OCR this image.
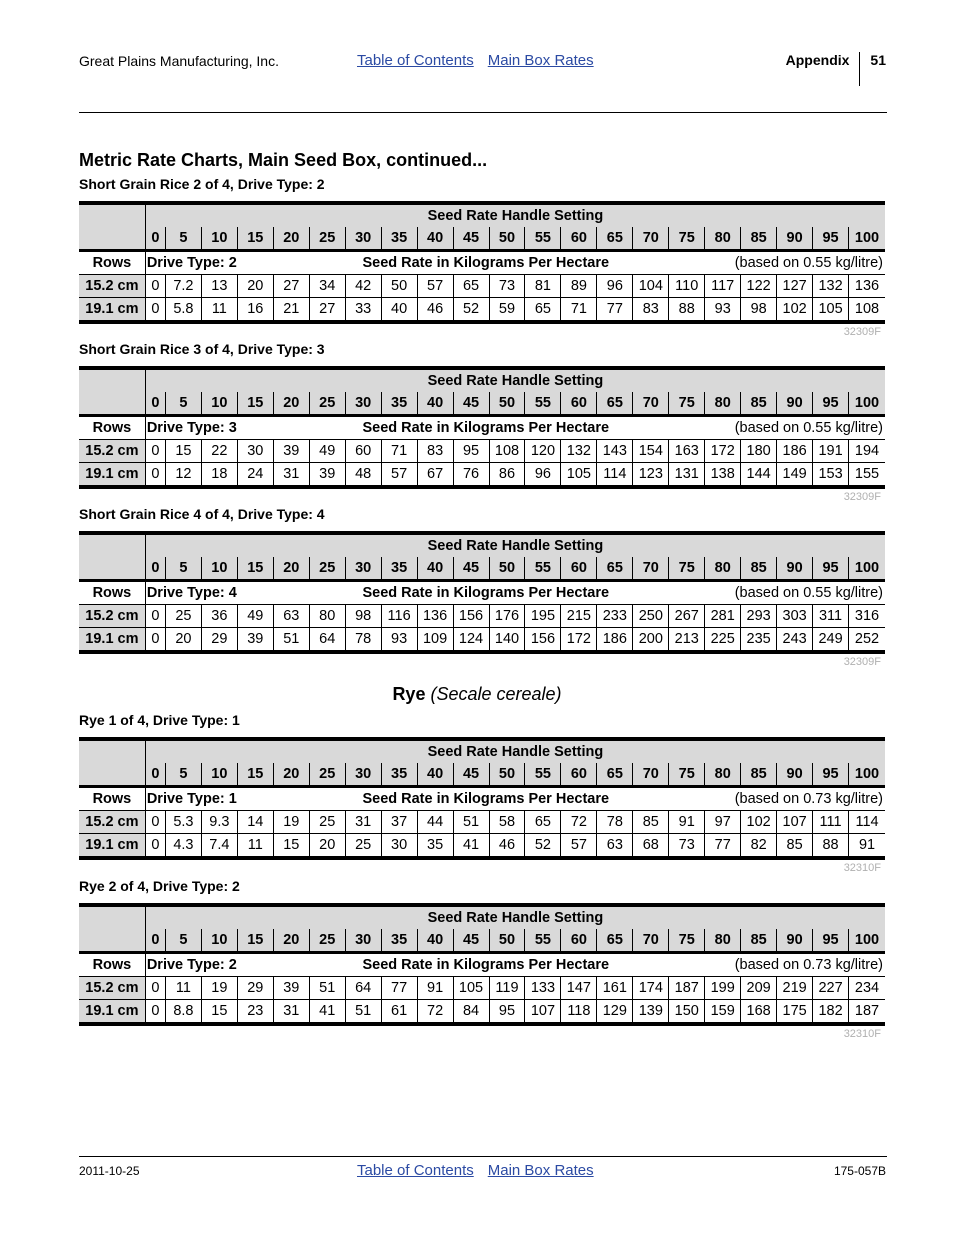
Great Plains Manufacturing, Inc.	Table of Contents Main Box Rates	Appendix 51
Metric Rate Charts, Main Seed Box, continued...
Short Grain Rice 2 of 4, Drive Type: 2
	Seed Rate Handle Setting																				
	0	5	10	15	20	25	30	35	40	45	50	55	60	65	70	75	80	85	90	95	100
Rows	Drive Type: 2 Seed Rate in Kilograms Per Hectare (based on 0.55 kg/litre)																				

15.2 cm	0	7.2	13	20	27	34	42	50	57	65	73	81	89	96	104	110	117	122	127	132	136
19.1 cm	0	5.8	11	16	21	27	33	40	46	52	59	65	71	77	83	88	93	98	102	105	108
32309F
Short Grain Rice 3 of 4, Drive Type: 3
	Seed Rate Handle Setting																				
	0	5	10	15	20	25	30	35	40	45	50	55	60	65	70	75	80	85	90	95	100
Rows	Drive Type: 3 Seed Rate in Kilograms Per Hectare (based on 0.55 kg/litre)																				

15.2 cm	0	15	22	30	39	49	60	71	83	95	108	120	132	143	154	163	172	180	186	191	194
19.1 cm	0	12	18	24	31	39	48	57	67	76	86	96	105	114	123	131	138	144	149	153	155
32309F
Short Grain Rice 4 of 4, Drive Type: 4
	Seed Rate Handle Setting																				
	0	5	10	15	20	25	30	35	40	45	50	55	60	65	70	75	80	85	90	95	100
Rows	Drive Type: 4 Seed Rate in Kilograms Per Hectare (based on 0.55 kg/litre)																				

15.2 cm	0	25	36	49	63	80	98	116	136	156	176	195	215	233	250	267	281	293	303	311	316
19.1 cm	0	20	29	39	51	64	78	93	109	124	140	156	172	186	200	213	225	235	243	249	252
32309F
Rye (Secale cereale)
Rye 1 of 4, Drive Type: 1
	Seed Rate Handle Setting																				
	0	5	10	15	20	25	30	35	40	45	50	55	60	65	70	75	80	85	90	95	100
Rows	Drive Type: 1 Seed Rate in Kilograms Per Hectare (based on 0.73 kg/litre)																				

15.2 cm	0	5.3	9.3	14	19	25	31	37	44	51	58	65	72	78	85	91	97	102	107	111	114
19.1 cm	0	4.3	7.4	11	15	20	25	30	35	41	46	52	57	63	68	73	77	82	85	88	91
32310F
Rye 2 of 4, Drive Type: 2
	Seed Rate Handle Setting																				
	0	5	10	15	20	25	30	35	40	45	50	55	60	65	70	75	80	85	90	95	100
Rows	Drive Type: 2 Seed Rate in Kilograms Per Hectare (based on 0.73 kg/litre)																				

15.2 cm	0	11	19	29	39	51	64	77	91	105	119	133	147	161	174	187	199	209	219	227	234
19.1 cm	0	8.8	15	23	31	41	51	61	72	84	95	107	118	129	139	150	159	168	175	182	187
32310F
2011-10-25	Table of Contents Main Box Rates	175-057B
